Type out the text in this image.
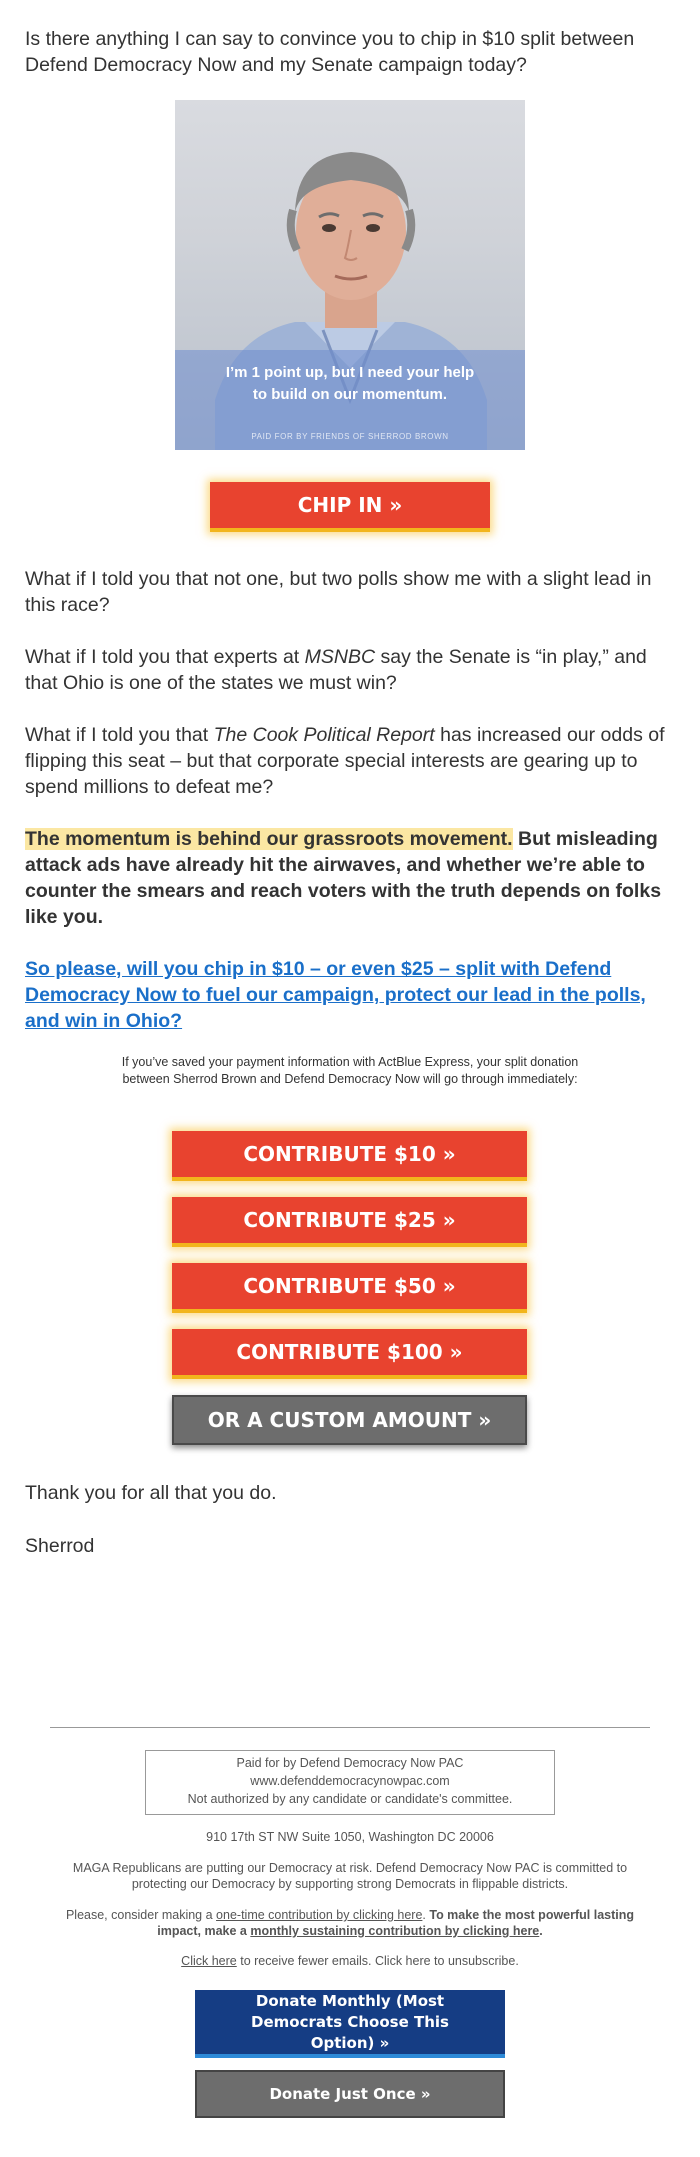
Is there anything I can say to convince you to chip in $10 split between Defend Democracy Now and my Senate campaign today?
I’m 1 point up, but I need your help
to build on our momentum.
PAID FOR BY FRIENDS OF SHERROD BROWN
CHIP IN »
What if I told you that not one, but two polls show me with a slight lead in this race?
What if I told you that experts at MSNBC say the Senate is “in play,” and that Ohio is one of the states we must win?
What if I told you that The Cook Political Report has increased our odds of flipping this seat – but that corporate special interests are gearing up to spend millions to defeat me?
The momentum is behind our grassroots movement. But misleading attack ads have already hit the airwaves, and whether we’re able to counter the smears and reach voters with the truth depends on folks like you.
So please, will you chip in $10 – or even $25 – split with Defend Democracy Now to fuel our campaign, protect our lead in the polls, and win in Ohio?
If you’ve saved your payment information with ActBlue Express, your split donation between Sherrod Brown and Defend Democracy Now will go through immediately:
CONTRIBUTE $10 »
CONTRIBUTE $25 »
CONTRIBUTE $50 »
CONTRIBUTE $100 »
OR A CUSTOM AMOUNT »
Thank you for all that you do.
Sherrod
Paid for by Defend Democracy Now PAC
www.defenddemocracynowpac.com
Not authorized by any candidate or candidate's committee.
910 17th ST NW Suite 1050, Washington DC 20006
MAGA Republicans are putting our Democracy at risk. Defend Democracy Now PAC is committed to protecting our Democracy by supporting strong Democrats in flippable districts.
Please, consider making a one-time contribution by clicking here. To make the most powerful lasting impact, make a monthly sustaining contribution by clicking here.
Click here to receive fewer emails. Click here to unsubscribe.
Donate Monthly (Most Democrats Choose This Option) »
Donate Just Once »
